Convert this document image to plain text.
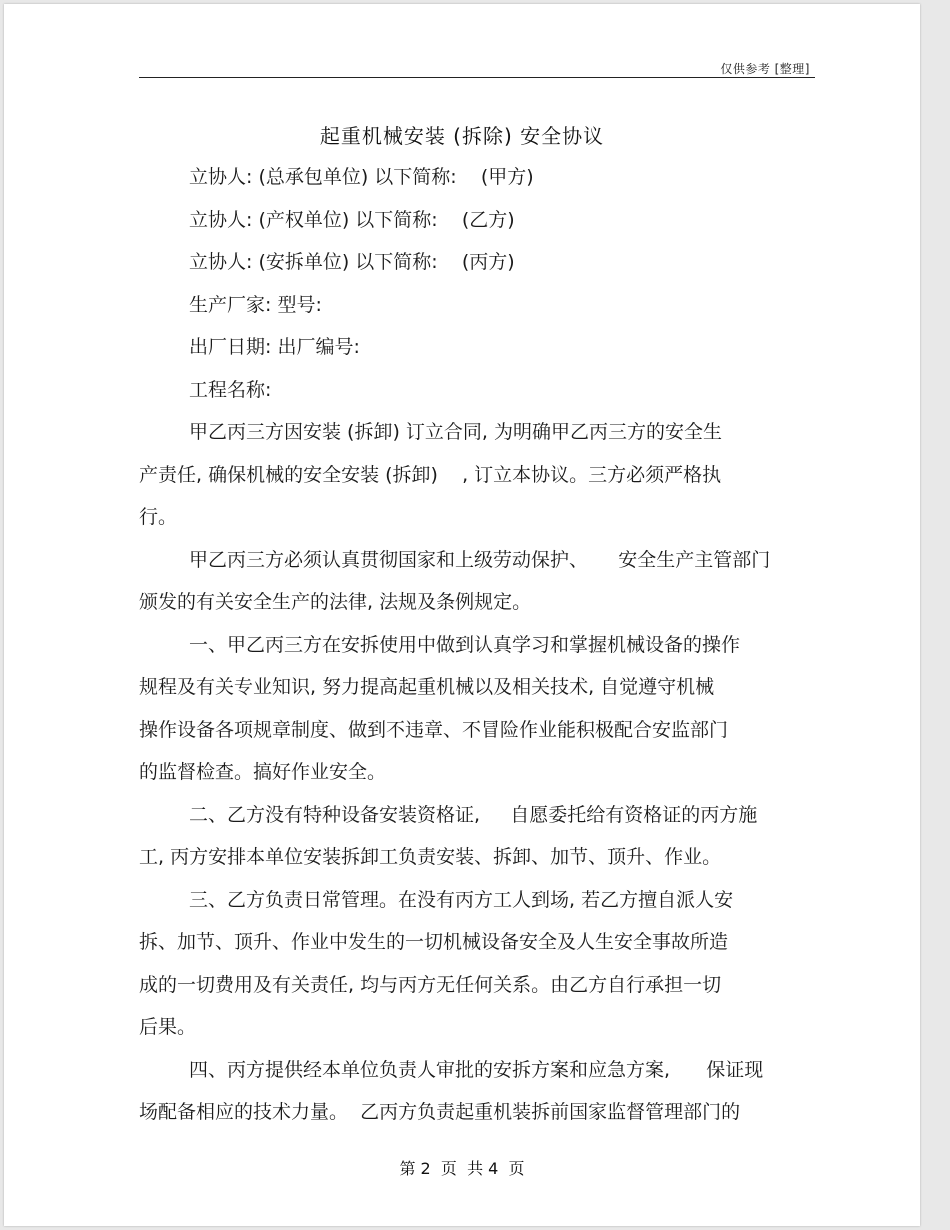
仅供参考 [整理]
起重机械安装 (拆除) 安全协议
立协人: (总承包单位) 以下简称:    (甲方)
立协人: (产权单位) 以下简称:    (乙方)
立协人: (安拆单位) 以下简称:    (丙方)
生产厂家: 型号:
出厂日期: 出厂编号:
工程名称:
甲乙丙三方因安装 (拆卸) 订立合同, 为明确甲乙丙三方的安全生
产责任, 确保机械的安全安装 (拆卸)    , 订立本协议。三方必须严格执
行。
甲乙丙三方必须认真贯彻国家和上级劳动保护、     安全生产主管部门
颁发的有关安全生产的法律, 法规及条例规定。
一、甲乙丙三方在安拆使用中做到认真学习和掌握机械设备的操作
规程及有关专业知识, 努力提高起重机械以及相关技术, 自觉遵守机械
操作设备各项规章制度、做到不违章、不冒险作业能积极配合安监部门
的监督检查。搞好作业安全。
二、乙方没有特种设备安装资格证,     自愿委托给有资格证的丙方施
工, 丙方安排本单位安装拆卸工负责安装、拆卸、加节、顶升、作业。
三、乙方负责日常管理。在没有丙方工人到场, 若乙方擅自派人安
拆、加节、顶升、作业中发生的一切机械设备安全及人生安全事故所造
成的一切费用及有关责任, 均与丙方无任何关系。由乙方自行承担一切
后果。
四、丙方提供经本单位负责人审批的安拆方案和应急方案,      保证现
场配备相应的技术力量。  乙丙方负责起重机装拆前国家监督管理部门的
第 2  页  共 4  页
